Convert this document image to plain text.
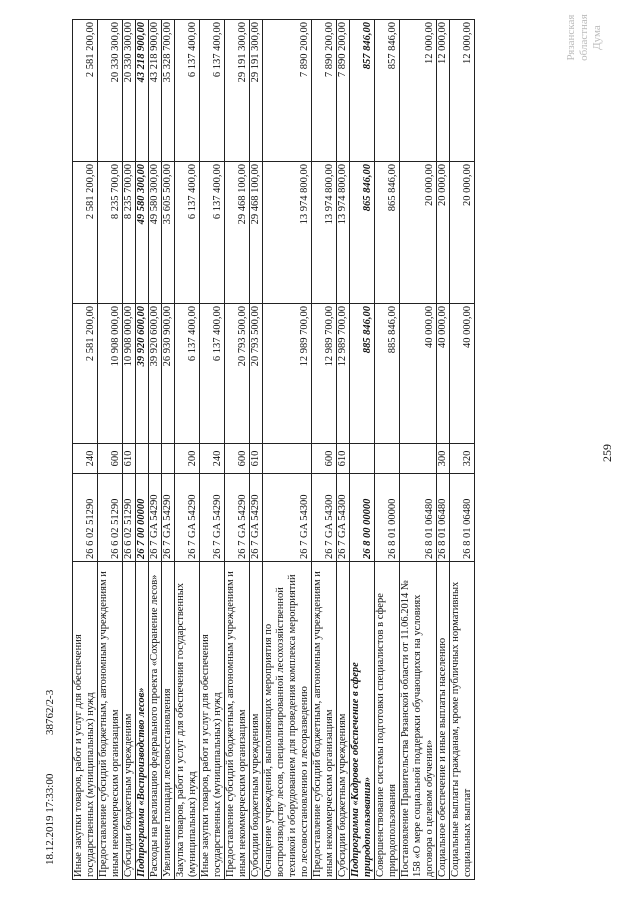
18.12.2019 17:33:00
38762/2-3 Иные закупки товаров, работ и услуг для обеспечения государственных (муниципальных) нужд	26 6 02 51290	240	2 581 200,00	2 581 200,00	2 581 200,00
Предоставление субсидий бюджетным, автономным учреждениям и иным некоммерческим организациям	26 6 02 51290	600	10 908 000,00	8 235 700,00	20 330 300,00
Субсидии бюджетным учреждениям	26 6 02 51290	610	10 908 000,00	8 235 700,00	20 330 300,00
Подпрограмма «Воспроизводство лесов»	26 7 00 00000		39 920 600,00	49 580 300,00	43 218 900,00
Расходы на реализацию федерального проекта «Сохранение лесов»	26 7 GA 54290		39 920 600,00	49 580 300,00	43 218 900,00
Увеличение площади лесовосстановления	26 7 GA 54290		26 930 900,00	35 605 500,00	35 328 700,00
Закупка товаров, работ и услуг для обеспечения государственных (муниципальных) нужд	26 7 GA 54290	200	6 137 400,00	6 137 400,00	6 137 400,00
Иные закупки товаров, работ и услуг для обеспечения государственных (муниципальных) нужд	26 7 GA 54290	240	6 137 400,00	6 137 400,00	6 137 400,00
Предоставление субсидий бюджетным, автономным учреждениям и иным некоммерческим организациям	26 7 GA 54290	600	20 793 500,00	29 468 100,00	29 191 300,00
Субсидии бюджетным учреждениям	26 7 GA 54290	610	20 793 500,00	29 468 100,00	29 191 300,00
Оснащение учреждений, выполняющих мероприятия по воспроизводству лесов, специализированной лесохозяйственной техникой и оборудованием для проведения комплекса мероприятий по лесовосстановлению и лесоразведению	26 7 GA 54300		12 989 700,00	13 974 800,00	7 890 200,00
Предоставление субсидий бюджетным, автономным учреждениям и иным некоммерческим организациям	26 7 GA 54300	600	12 989 700,00	13 974 800,00	7 890 200,00
Субсидии бюджетным учреждениям	26 7 GA 54300	610	12 989 700,00	13 974 800,00	7 890 200,00
Подпрограмма «Кадровое обеспечение в сфере природопользования»	26 8 00 00000		885 846,00	865 846,00	857 846,00
Совершенствование системы подготовки специалистов в сфере природопользования	26 8 01 00000		885 846,00	865 846,00	857 846,00
Постановление Правительства Рязанской области от 11.06.2014 № 158 «О мере социальной поддержки обучающихся на условиях договора о целевом обучении»	26 8 01 06480		40 000,00	20 000,00	12 000,00
Социальное обеспечение и иные выплаты населению	26 8 01 06480	300	40 000,00	20 000,00	12 000,00
Социальные выплаты гражданам, кроме публичных нормативных социальных выплат	26 8 01 06480	320	40 000,00	20 000,00	12 000,00
259
Рязанская областная Дума
